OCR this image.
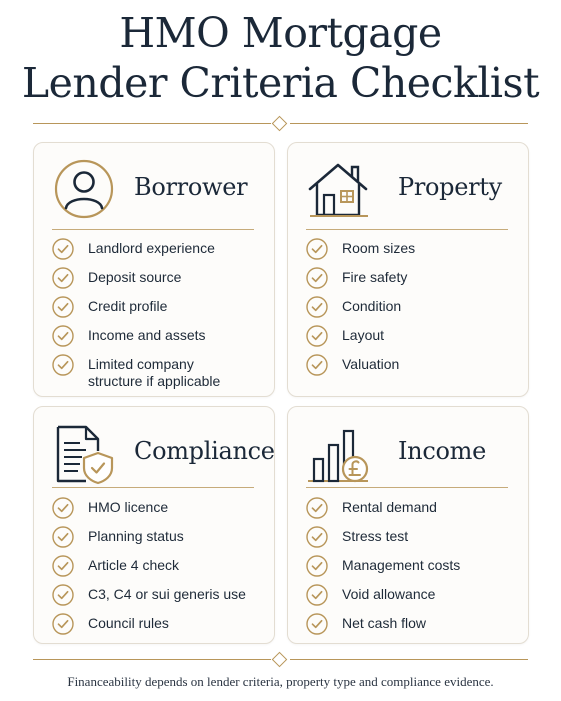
HMO Mortgage
Lender Criteria Checklist
Borrower
Landlord experience
Deposit source
Credit profile
Income and assets
Limited company structure if applicable
Property
Room sizes
Fire safety
Condition
Layout
Valuation
Compliance
HMO licence
Planning status
Article 4 check
C3, C4 or sui generis use
Council rules
Income
Rental demand
Stress test
Management costs
Void allowance
Net cash flow
Financeability depends on lender criteria, property type and compliance evidence.
